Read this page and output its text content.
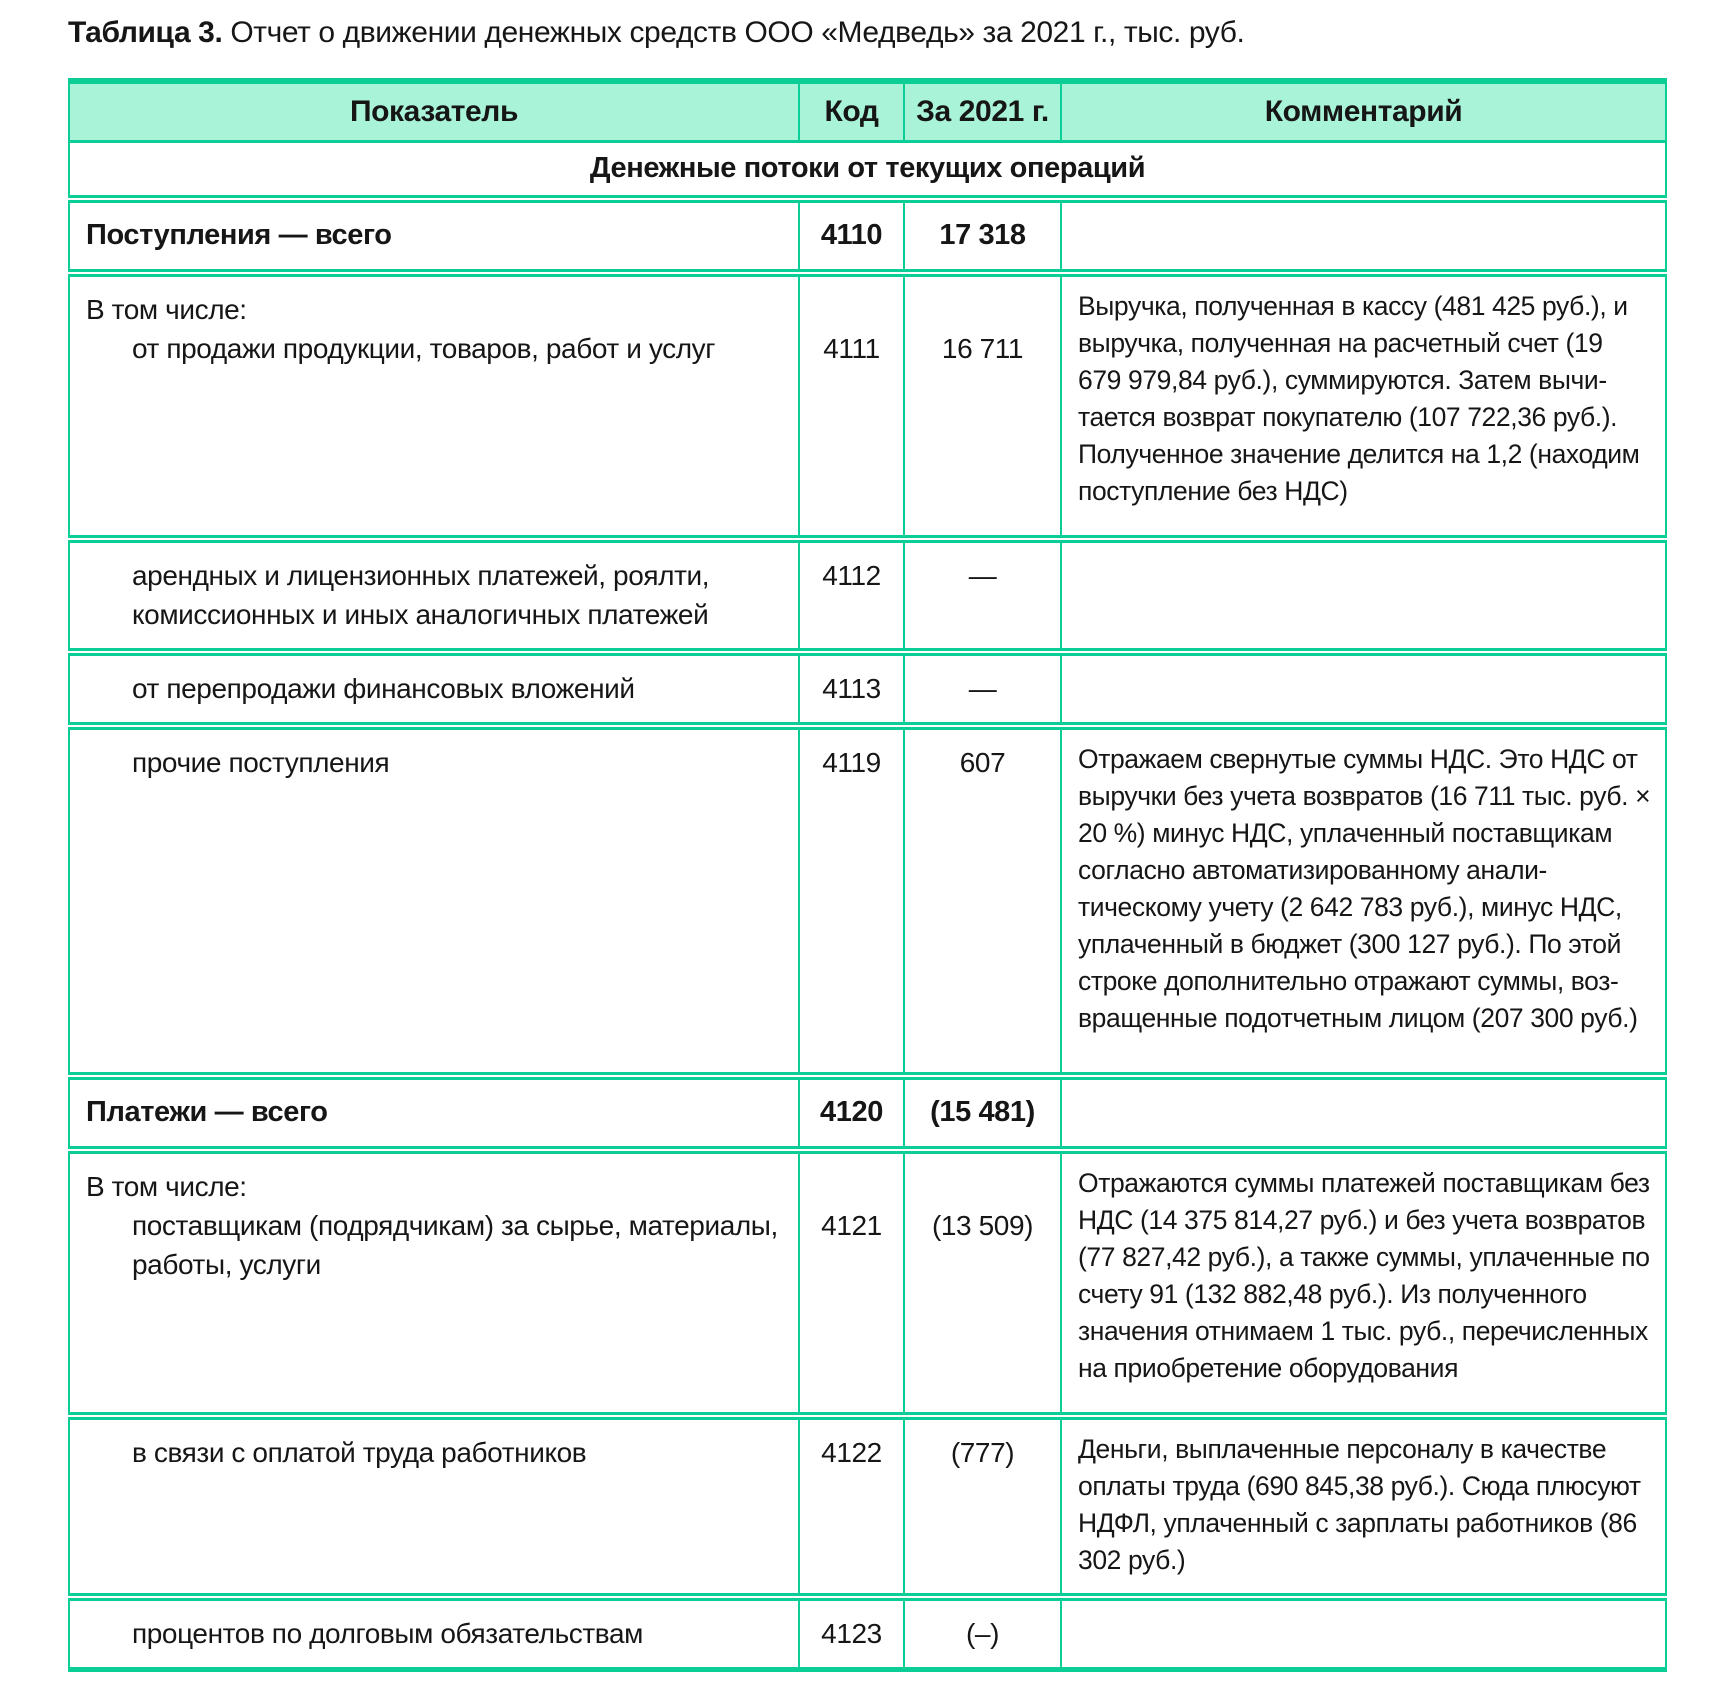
Таблица 3. Отчет о движении денежных средств ООО «Медведь» за 2021 г., тыс. руб.
Показатель	Код	За 2021 г.	Комментарий
Денежные потоки от текущих операций			

Поступления — всего	4110	17 318	

В том числе:
от продажи продукции, товаров, работ и услуг	4111	16 711	Выручка, полученная в кассу (481 425 руб.), и выручка, полученная на расчетный счет (19 679 979,84 руб.), суммируются. Затем вычитается возврат покупателю (107 722,36 руб.). Полученное значение делится на 1,2 (находим поступление без НДС)

арендных и лицензионных платежей, роялти, комиссионных и иных аналогичных платежей	4112	—	

от перепродажи финансовых вложений	4113	—	

прочие поступления	4119	607	Отражаем свернутые суммы НДС. Это НДС от выручки без учета возвратов (16 711 тыс. руб. × 20 %) минус НДС, уплаченный поставщикам согласно автоматизированному аналитическому учету (2 642 783 руб.), минус НДС, уплаченный в бюджет (300 127 руб.). По этой строке дополнительно отражают суммы, возвращенные подотчетным лицом (207 300 руб.)

Платежи — всего	4120	(15 481)	

В том числе:
поставщикам (подрядчикам) за сырье, материалы, работы, услуги	4121	(13 509)	Отражаются суммы платежей поставщикам без НДС (14 375 814,27 руб.) и без учета возвратов (77 827,42 руб.), а также суммы, уплаченные по счету 91 (132 882,48 руб.). Из полученного значения отнимаем 1 тыс. руб., перечисленных на приобретение оборудования

в связи с оплатой труда работников	4122	(777)	Деньги, выплаченные персоналу в качестве оплаты труда (690 845,38 руб.). Сюда плюсуют НДФЛ, уплаченный с зарплаты работников (86 302 руб.)

процентов по долговым обязательствам	4123	(–)	
